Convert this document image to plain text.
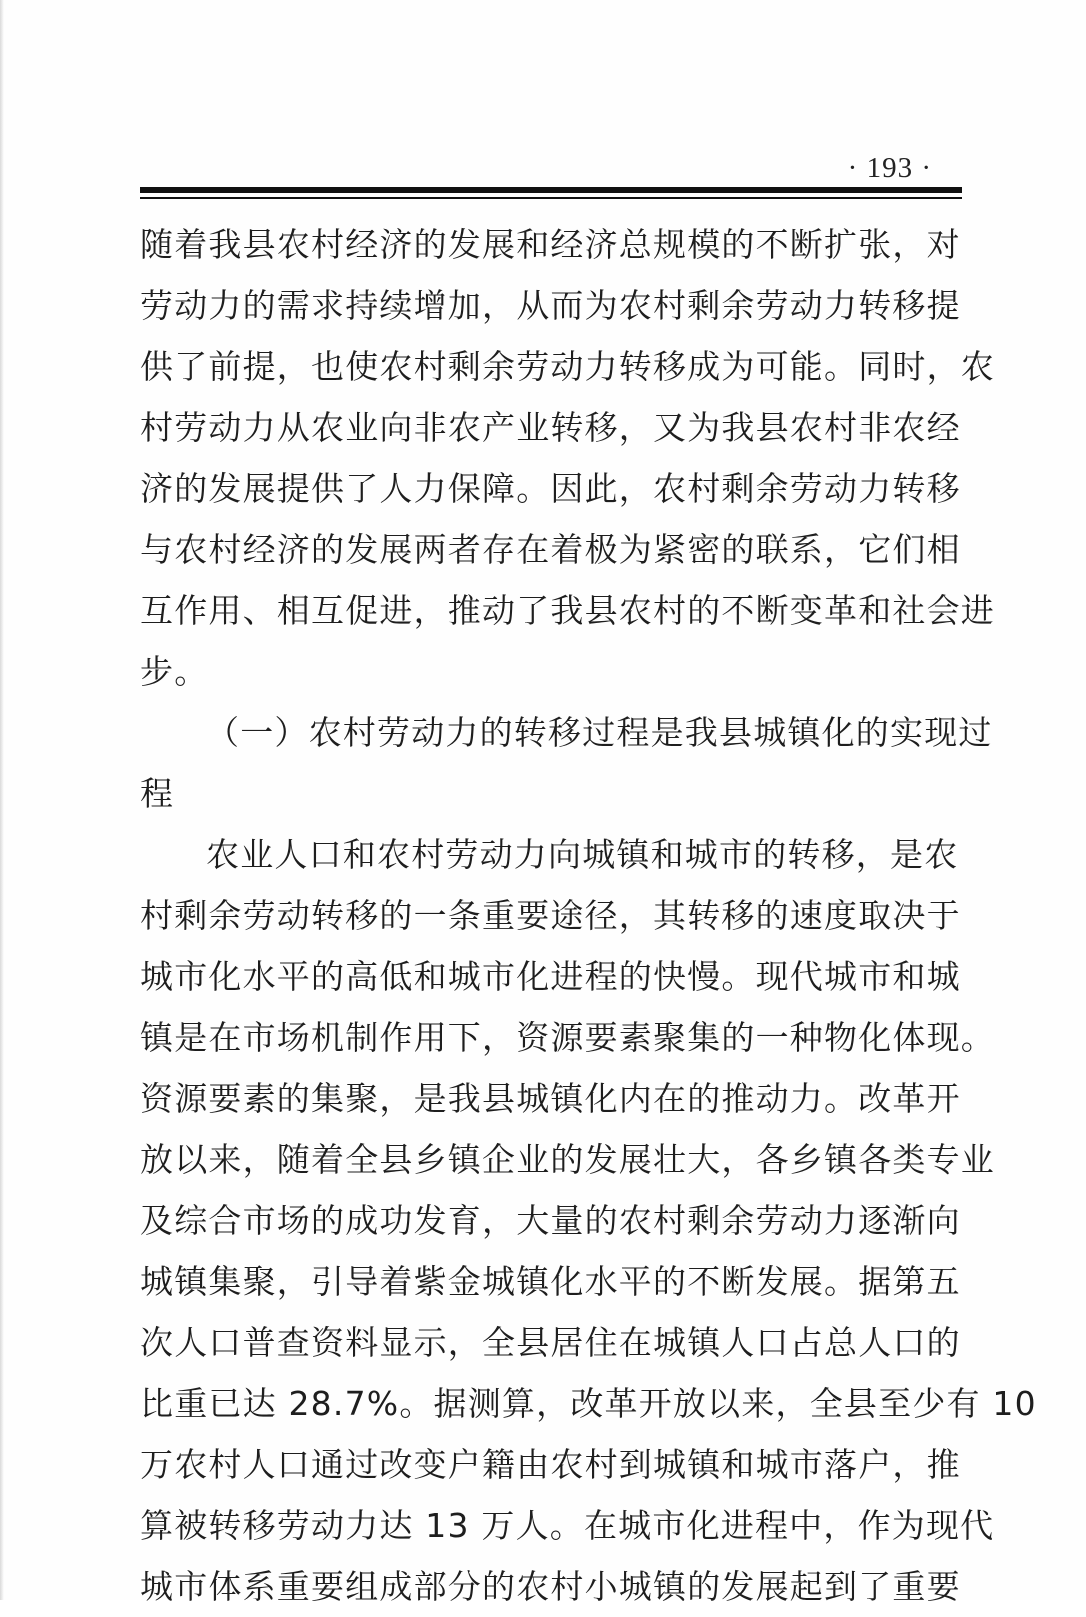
· 193 ·
随着我县农村经济的发展和经济总规模的不断扩张，对
劳动力的需求持续增加，从而为农村剩余劳动力转移提
供了前提，也使农村剩余劳动力转移成为可能。同时，农
村劳动力从农业向非农产业转移，又为我县农村非农经
济的发展提供了人力保障。因此，农村剩余劳动力转移
与农村经济的发展两者存在着极为紧密的联系，它们相
互作用、相互促进，推动了我县农村的不断变革和社会进
步。
（一）农村劳动力的转移过程是我县城镇化的实现过
程
农业人口和农村劳动力向城镇和城市的转移，是农
村剩余劳动转移的一条重要途径，其转移的速度取决于
城市化水平的高低和城市化进程的快慢。现代城市和城
镇是在市场机制作用下，资源要素聚集的一种物化体现。
资源要素的集聚，是我县城镇化内在的推动力。改革开
放以来，随着全县乡镇企业的发展壮大，各乡镇各类专业
及综合市场的成功发育，大量的农村剩余劳动力逐渐向
城镇集聚，引导着紫金城镇化水平的不断发展。据第五
次人口普查资料显示，全县居住在城镇人口占总人口的
比重已达 28.7%。据测算，改革开放以来，全县至少有 10
万农村人口通过改变户籍由农村到城镇和城市落户，推
算被转移劳动力达 13 万人。在城市化进程中，作为现代
城市体系重要组成部分的农村小城镇的发展起到了重要
